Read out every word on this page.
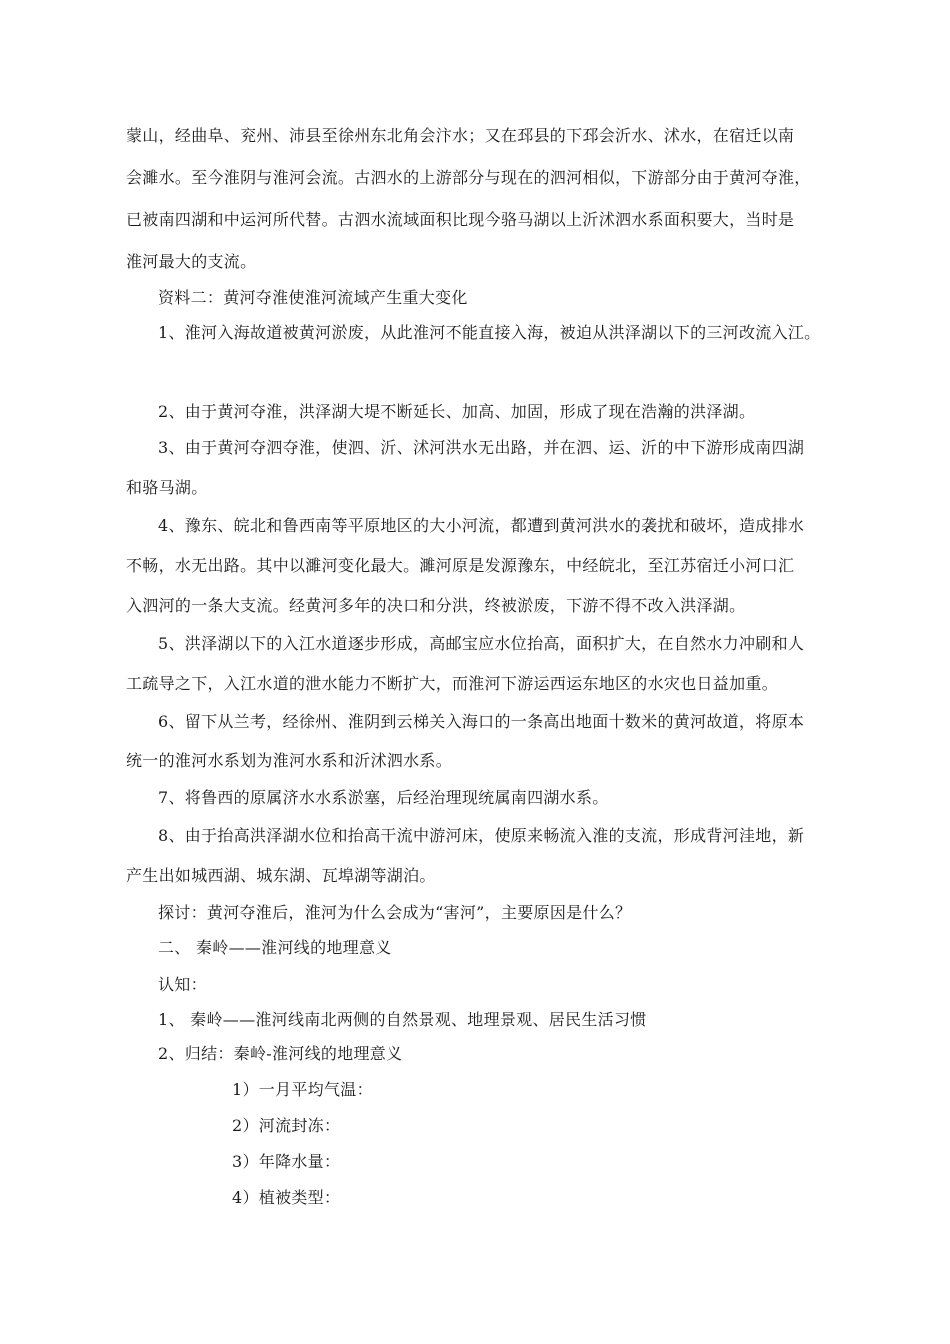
蒙山，经曲阜、兖州、沛县至徐州东北角会汴水；又在邳县的下邳会沂水、沭水，在宿迁以南
会濉水。至今淮阴与淮河会流。古泗水的上游部分与现在的泗河相似，下游部分由于黄河夺淮，
已被南四湖和中运河所代替。古泗水流域面积比现今骆马湖以上沂沭泗水系面积要大，当时是
淮河最大的支流。
资料二：黄河夺淮使淮河流域产生重大变化
1、淮河入海故道被黄河淤废，从此淮河不能直接入海，被迫从洪泽湖以下的三河改流入江。
2、由于黄河夺淮，洪泽湖大堤不断延长、加高、加固，形成了现在浩瀚的洪泽湖。
3、由于黄河夺泗夺淮，使泗、沂、沭河洪水无出路，并在泗、运、沂的中下游形成南四湖
和骆马湖。
4、豫东、皖北和鲁西南等平原地区的大小河流，都遭到黄河洪水的袭扰和破坏，造成排水
不畅，水无出路。其中以濉河变化最大。濉河原是发源豫东，中经皖北，至江苏宿迁小河口汇
入泗河的一条大支流。经黄河多年的决口和分洪，终被淤废，下游不得不改入洪泽湖。
5、洪泽湖以下的入江水道逐步形成，高邮宝应水位抬高，面积扩大，在自然水力冲刷和人
工疏导之下，入江水道的泄水能力不断扩大，而淮河下游运西运东地区的水灾也日益加重。
6、留下从兰考，经徐州、淮阴到云梯关入海口的一条高出地面十数米的黄河故道，将原本
统一的淮河水系划为淮河水系和沂沭泗水系。
7、将鲁西的原属济水水系淤塞，后经治理现统属南四湖水系。
8、由于抬高洪泽湖水位和抬高干流中游河床，使原来畅流入淮的支流，形成背河洼地，新
产生出如城西湖、城东湖、瓦埠湖等湖泊。
探讨：黄河夺淮后，淮河为什么会成为“害河”，主要原因是什么？
二、 秦岭——淮河线的地理意义
认知：
1、 秦岭——淮河线南北两侧的自然景观、地理景观、居民生活习惯
2、归结：秦岭-淮河线的地理意义
1）一月平均气温：
2）河流封冻：
3）年降水量：
4）植被类型：
